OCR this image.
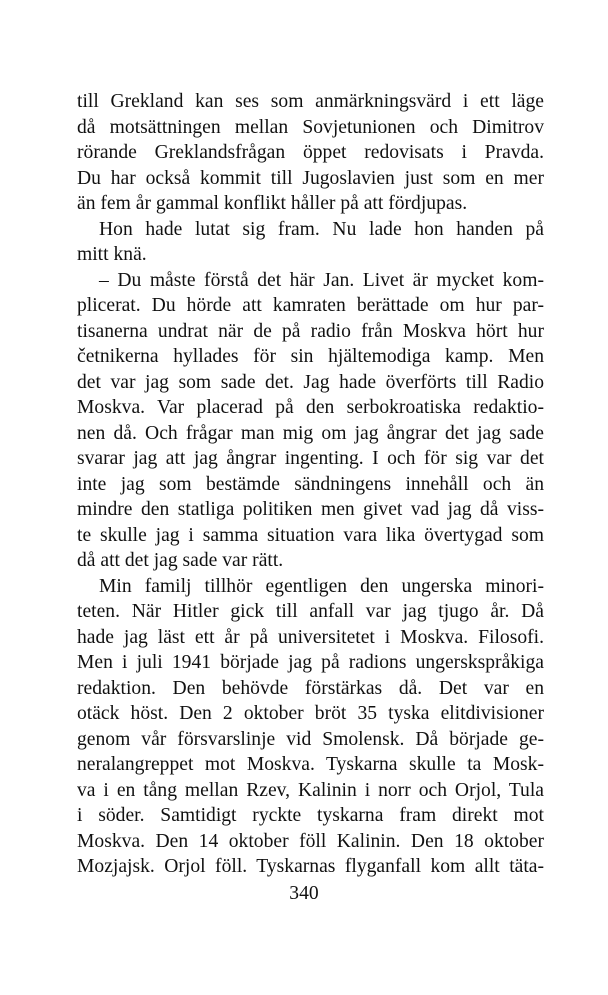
till Grekland kan ses som anmärkningsvärd i ett läge
då motsättningen mellan Sovjetunionen och Dimitrov
rörande Greklandsfrågan öppet redovisats i Pravda.
Du har också kommit till Jugoslavien just som en mer
än fem år gammal konflikt håller på att fördjupas.
Hon hade lutat sig fram. Nu lade hon handen på
mitt knä.
– Du måste förstå det här Jan. Livet är mycket kom-
plicerat. Du hörde att kamraten berättade om hur par-
tisanerna undrat när de på radio från Moskva hört hur
četnikerna hyllades för sin hjältemodiga kamp. Men
det var jag som sade det. Jag hade överförts till Radio
Moskva. Var placerad på den serbokroatiska redaktio-
nen då. Och frågar man mig om jag ångrar det jag sade
svarar jag att jag ångrar ingenting. I och för sig var det
inte jag som bestämde sändningens innehåll och än
mindre den statliga politiken men givet vad jag då viss-
te skulle jag i samma situation vara lika övertygad som
då att det jag sade var rätt.
Min familj tillhör egentligen den ungerska minori-
teten. När Hitler gick till anfall var jag tjugo år. Då
hade jag läst ett år på universitetet i Moskva. Filosofi.
Men i juli 1941 började jag på radions ungerskspråkiga
redaktion. Den behövde förstärkas då. Det var en
otäck höst. Den 2 oktober bröt 35 tyska elitdivisioner
genom vår försvarslinje vid Smolensk. Då började ge-
neralangreppet mot Moskva. Tyskarna skulle ta Mosk-
va i en tång mellan Rzev, Kalinin i norr och Orjol, Tula
i söder. Samtidigt ryckte tyskarna fram direkt mot
Moskva. Den 14 oktober föll Kalinin. Den 18 oktober
Mozjajsk. Orjol föll. Tyskarnas flyganfall kom allt täta-
340
